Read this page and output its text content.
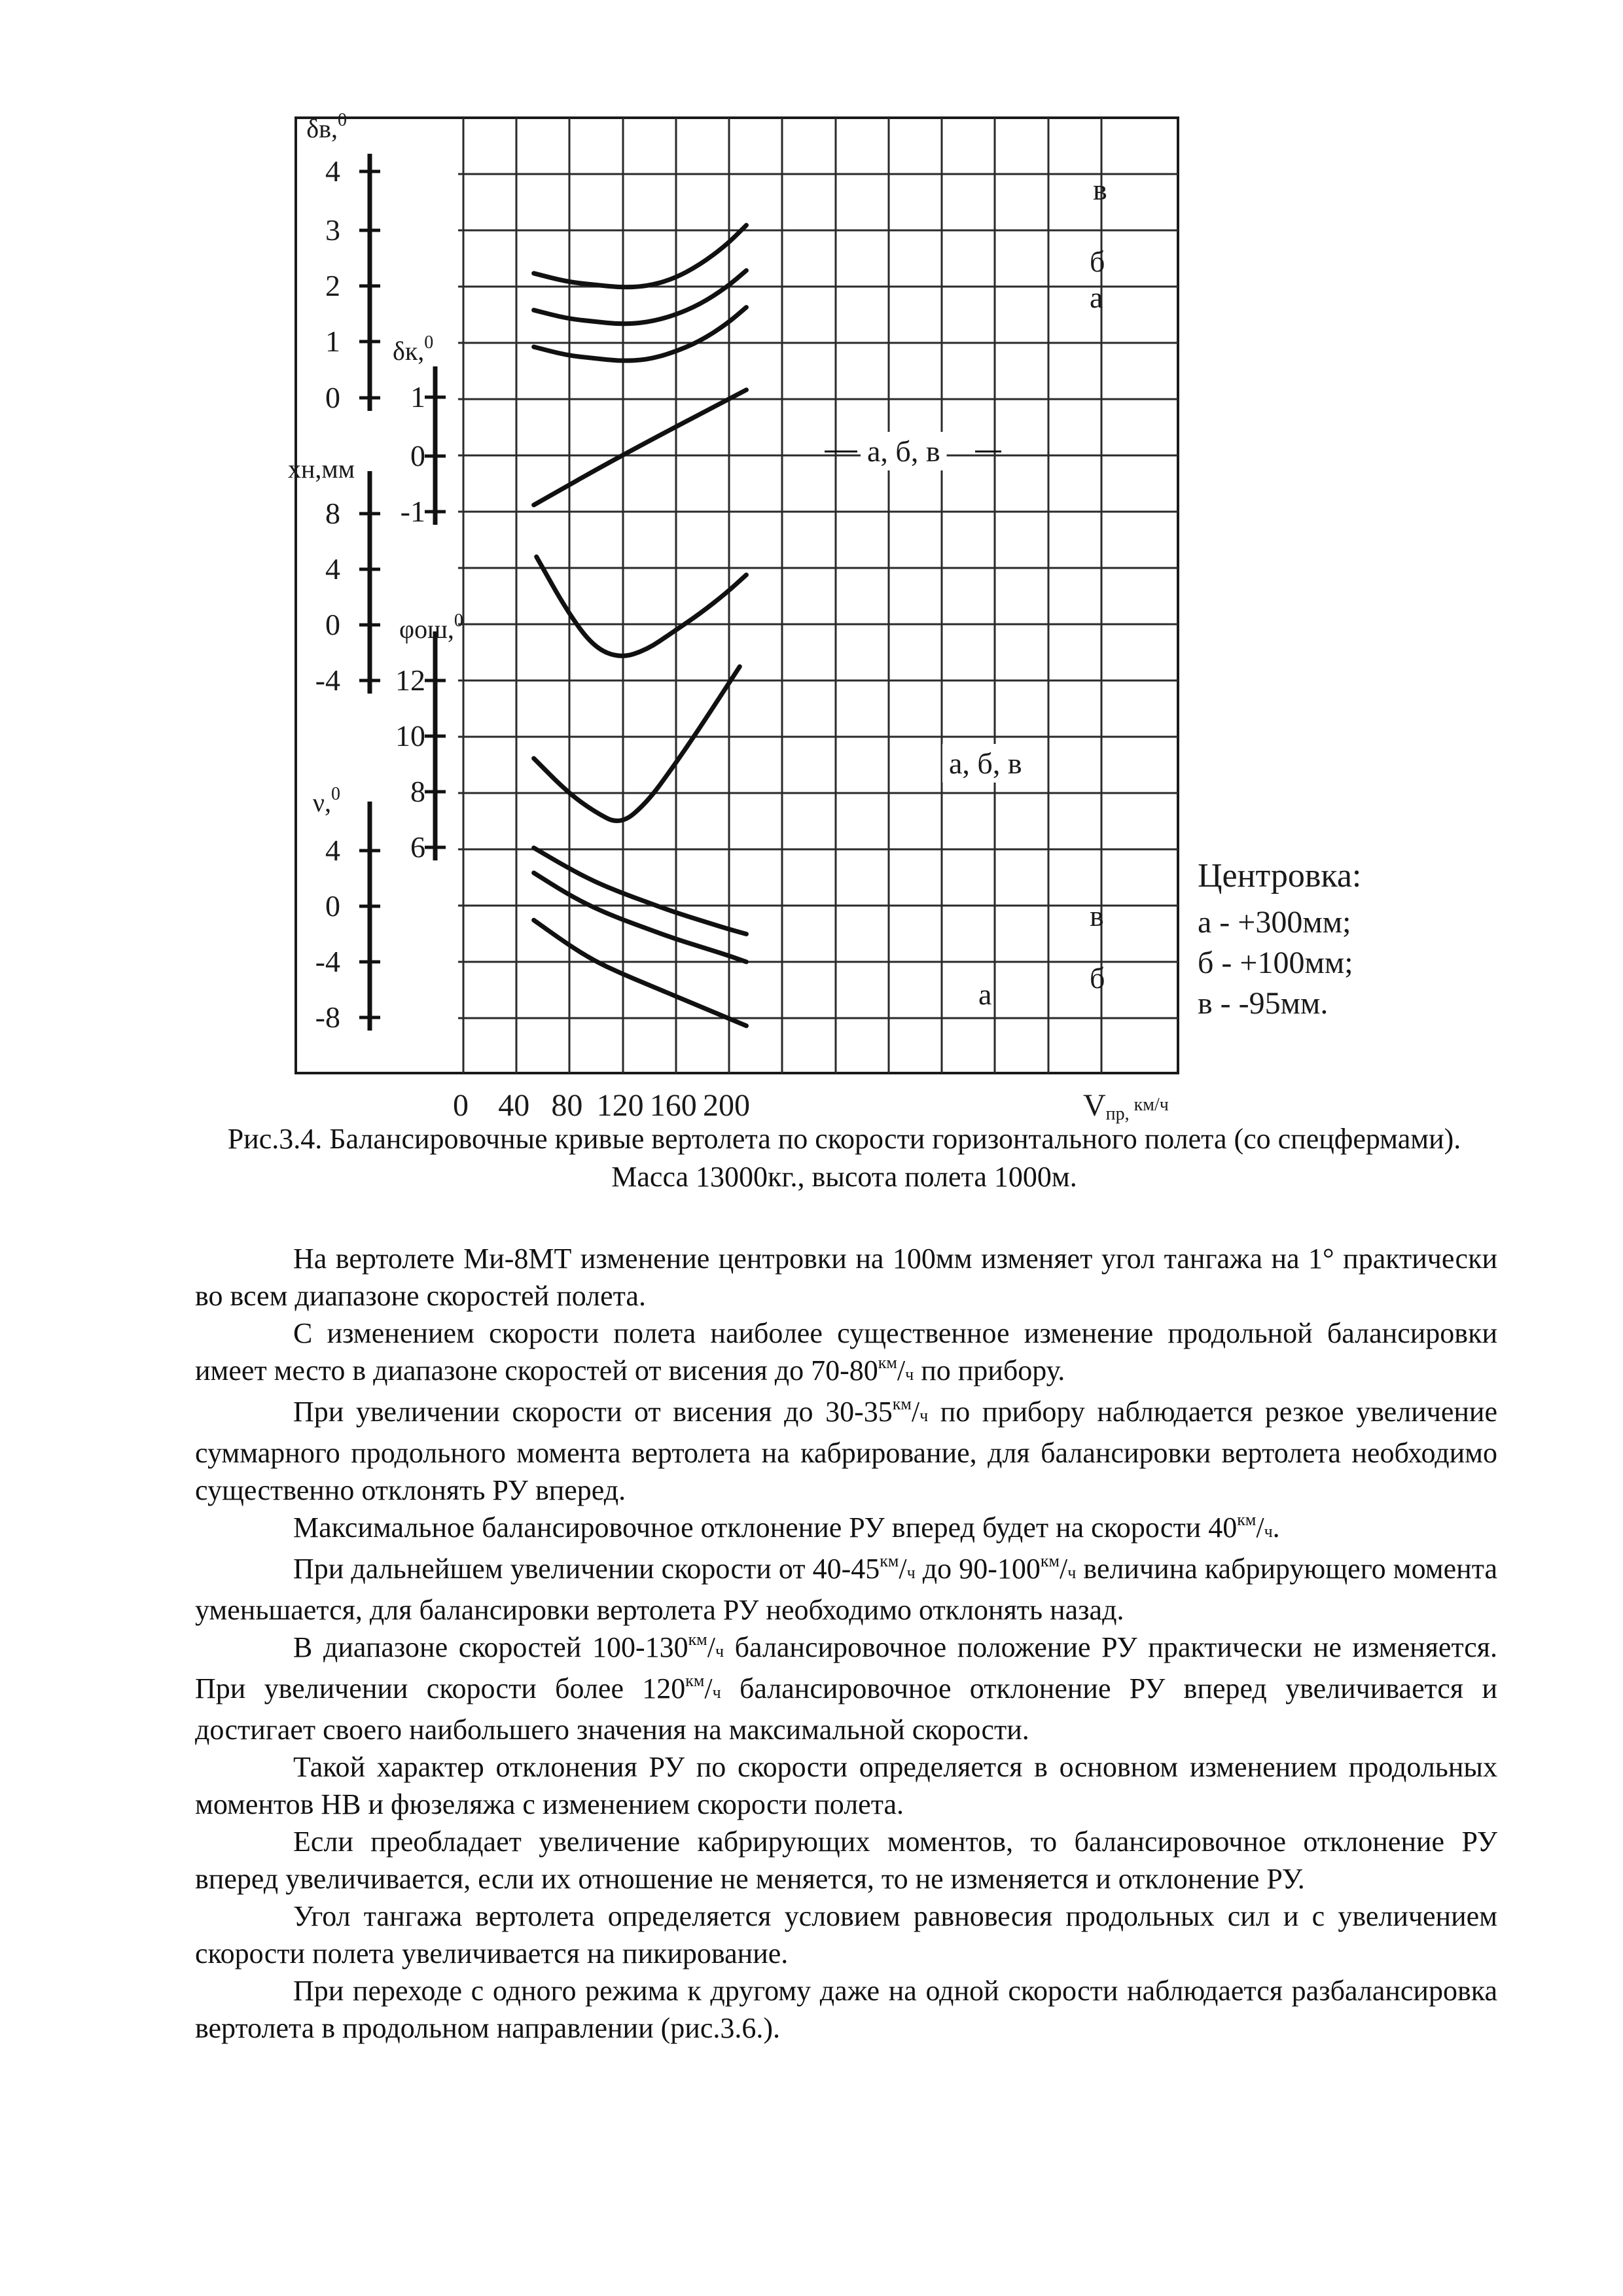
4
3
2
1
0
δв,$^0$
1
0
-1
δк,$^0$
8
4
0
-4
xн,мм
12
10
8
6
φош,$^0$
4
0
-4
-8
ν,$^0$
в
б
а
а, б, в
а, б, в
в
б
а
0 40 80 120 160 200	Vпр, $^{км/ч}$
Центровка:
а - +300мм;
б - +100мм;
в - -95мм.

Рис.3.4. Балансировочные кривые вертолета по скорости горизонтального полета (со спецфермами). Масса 13000кг., высота полета 1000м.

На вертолете Ми-8МТ изменение центровки на 100мм изменяет угол тангажа на 1° практически во всем диапазоне скоростей полета.

С изменением скорости полета наиболее существенное изменение продольной балансировки имеет место в диапазоне скоростей от висения до $70-80^{км}/ч$ по прибору.

При увеличении скорости от висения до $30-35^{км}/ч$ по прибору наблюдается резкое увеличение суммарного продольного момента вертолета на кабрирование, для балансировки вертолета необходимо существенно отклонять РУ вперед.

Максимальное балансировочное отклонение РУ вперед будет на скорости $40^{км}/ч$.

При дальнейшем увеличении скорости от $40-45^{км}/ч$ до $90-100^{км}/ч$ величина кабрирующего момента уменьшается, для балансировки вертолета РУ необходимо отклонять назад.

В диапазоне скоростей $100-130^{км}/ч$ балансировочное положение РУ практически не изменяется. При увеличении скорости более $120^{км}/ч$ балансировочное отклонение РУ вперед увеличивается и достигает своего наибольшего значения на максимальной скорости.

Такой характер отклонения РУ по скорости определяется в основном изменением продольных моментов НВ и фюзеляжа с изменением скорости полета.

Если преобладает увеличение кабрирующих моментов, то балансировочное отклонение РУ вперед увеличивается, если их отношение не меняется, то не изменяется и отклонение РУ.

Угол тангажа вертолета определяется условием равновесия продольных сил и с увеличением скорости полета увеличивается на пикирование.

При переходе с одного режима к другому даже на одной скорости наблюдается разбалансировка вертолета в продольном направлении (рис.3.6.).
